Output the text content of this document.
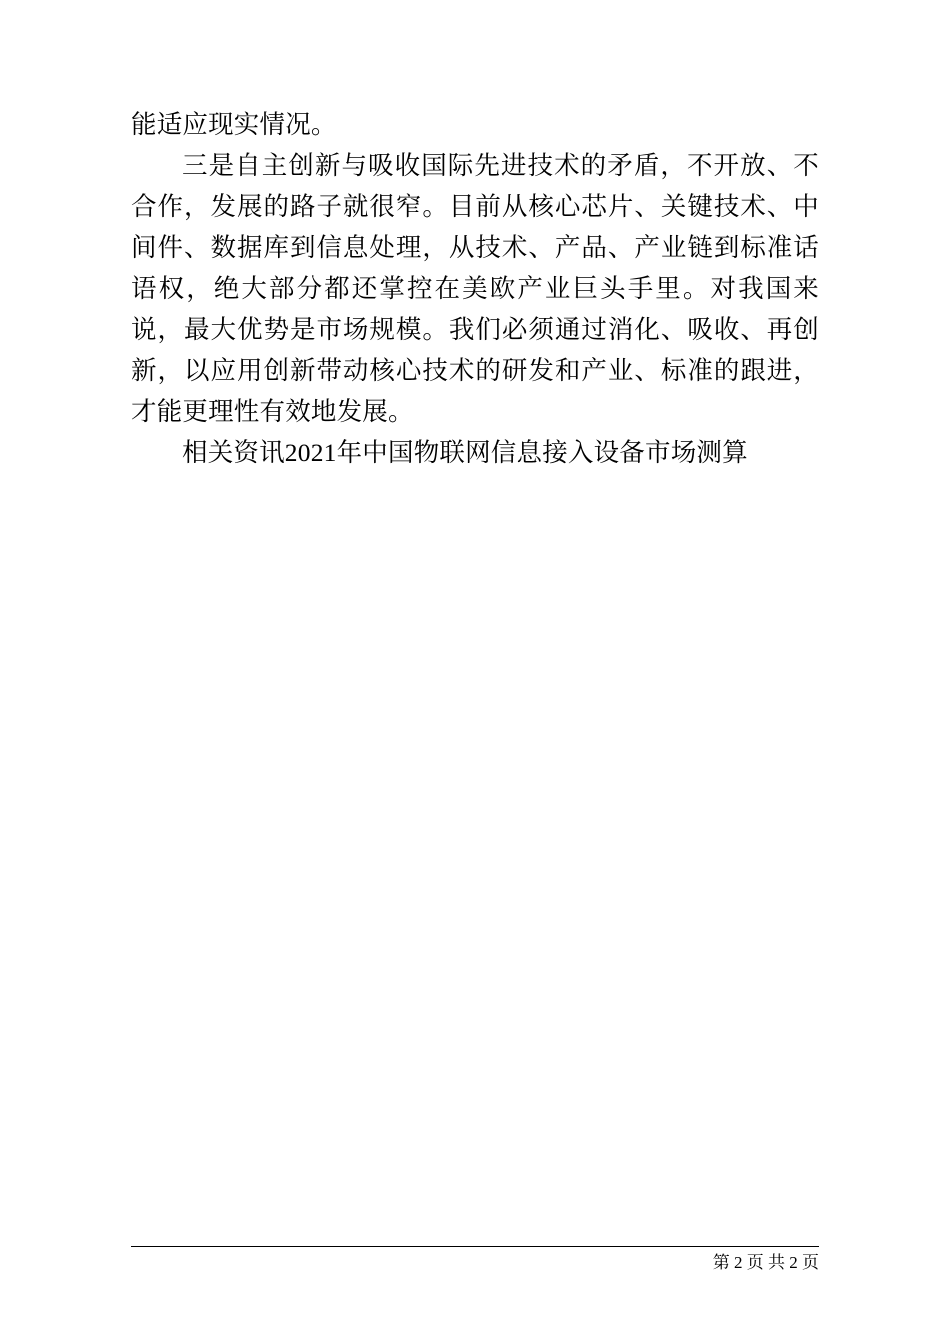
能适应现实情况。

三是自主创新与吸收国际先进技术的矛盾，不开放、不合作，发展的路子就很窄。目前从核心芯片、关键技术、中间件、数据库到信息处理，从技术、产品、产业链到标准话语权，绝大部分都还掌控在美欧产业巨头手里。对我国来说，最大优势是市场规模。我们必须通过消化、吸收、再创新，以应用创新带动核心技术的研发和产业、标准的跟进，才能更理性有效地发展。

相关资讯2021年中国物联网信息接入设备市场测算

第 2 页 共 2 页
